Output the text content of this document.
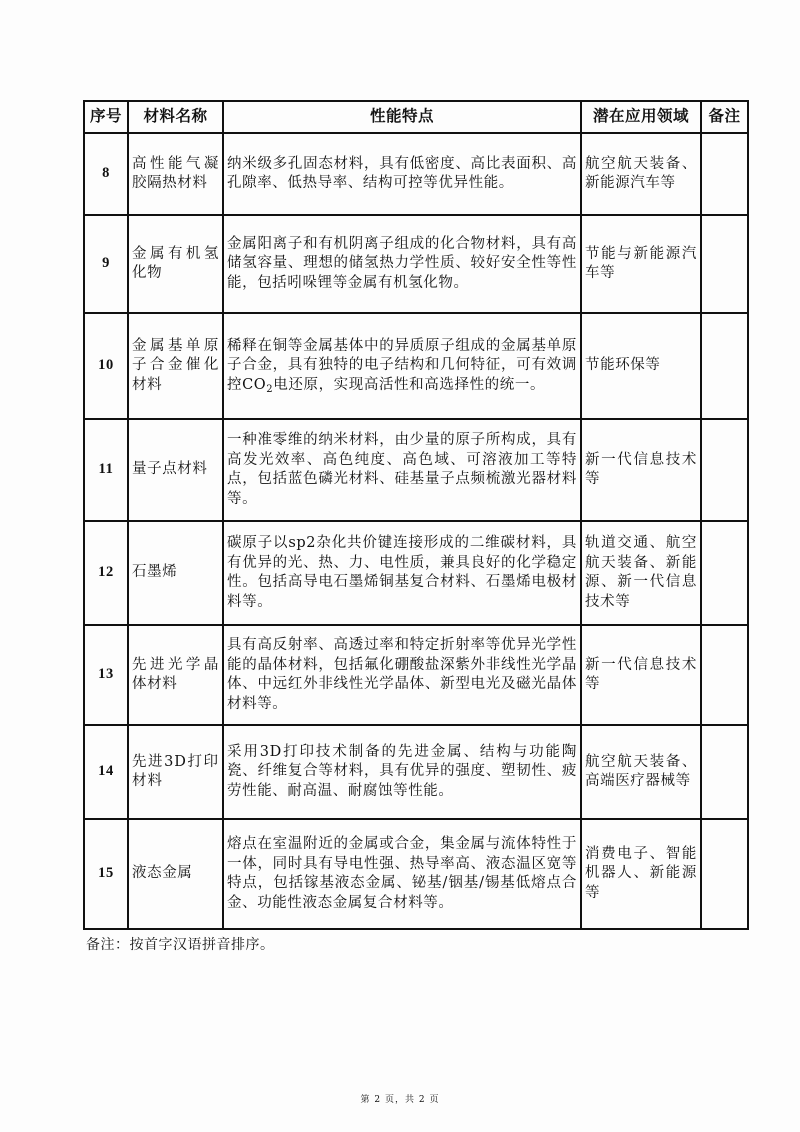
序号	材料名称	性能特点	潜在应用领域	备注
8	高性能气凝胶隔热材料	纳米级多孔固态材料，具有低密度、高比表面积、高孔隙率、低热导率、结构可控等优异性能。	航空航天装备、新能源汽车等	
9	金属有机氢化物	金属阳离子和有机阴离子组成的化合物材料，具有高储氢容量、理想的储氢热力学性质、较好安全性等性能，包括吲哚锂等金属有机氢化物。	节能与新能源汽车等	
10	金属基单原子合金催化材料	稀释在铜等金属基体中的异质原子组成的金属基单原子合金，具有独特的电子结构和几何特征，可有效调控$CO_2$电还原，实现高活性和高选择性的统一。	节能环保等	
11	量子点材料	一种准零维的纳米材料，由少量的原子所构成，具有高发光效率、高色纯度、高色域、可溶液加工等特点，包括蓝色磷光材料、硅基量子点频梳激光器材料等。	新一代信息技术等	
12	石墨烯	碳原子以sp2杂化共价键连接形成的二维碳材料，具有优异的光、热、力、电性质，兼具良好的化学稳定性。包括高导电石墨烯铜基复合材料、石墨烯电极材料等。	轨道交通、航空航天装备、新能源、新一代信息技术等	
13	先进光学晶体材料	具有高反射率、高透过率和特定折射率等优异光学性能的晶体材料，包括氟化硼酸盐深紫外非线性光学晶体、中远红外非线性光学晶体、新型电光及磁光晶体材料等。	新一代信息技术等	
14	先进3D打印材料	采用3D打印技术制备的先进金属、结构与功能陶瓷、纤维复合等材料，具有优异的强度、塑韧性、疲劳性能、耐高温、耐腐蚀等性能。	航空航天装备、高端医疗器械等	
15	液态金属	熔点在室温附近的金属或合金，集金属与流体特性于一体，同时具有导电性强、热导率高、液态温区宽等特点，包括镓基液态金属、铋基/铟基/锡基低熔点合金、功能性液态金属复合材料等。	消费电子、智能机器人、新能源等	
备注：按首字汉语拼音排序。
第 2 页，共 2 页
